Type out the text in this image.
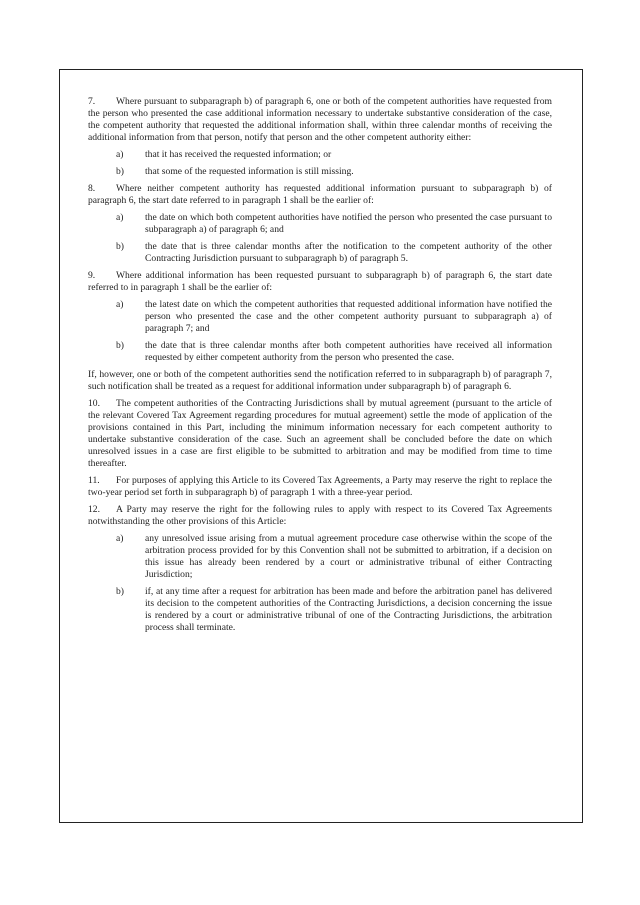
7. Where pursuant to subparagraph b) of paragraph 6, one or both of the competent authorities have requested from the person who presented the case additional information necessary to undertake substantive consideration of the case, the competent authority that requested the additional information shall, within three calendar months of receiving the additional information from that person, notify that person and the other competent authority either:

a)	that it has received the requested information; or
b)	that some of the requested information is still missing.

8. Where neither competent authority has requested additional information pursuant to subparagraph b) of paragraph 6, the start date referred to in paragraph 1 shall be the earlier of:

a)	the date on which both competent authorities have notified the person who presented the case pursuant to subparagraph a) of paragraph 6; and
b)	the date that is three calendar months after the notification to the competent authority of the other Contracting Jurisdiction pursuant to subparagraph b) of paragraph 5.

9. Where additional information has been requested pursuant to subparagraph b) of paragraph 6, the start date referred to in paragraph 1 shall be the earlier of:

a)	the latest date on which the competent authorities that requested additional information have notified the person who presented the case and the other competent authority pursuant to subparagraph a) of paragraph 7; and
b)	the date that is three calendar months after both competent authorities have received all information requested by either competent authority from the person who presented the case.

If, however, one or both of the competent authorities send the notification referred to in subparagraph b) of paragraph 7, such notification shall be treated as a request for additional information under subparagraph b) of paragraph 6.

10. The competent authorities of the Contracting Jurisdictions shall by mutual agreement (pursuant to the article of the relevant Covered Tax Agreement regarding procedures for mutual agreement) settle the mode of application of the provisions contained in this Part, including the minimum information necessary for each competent authority to undertake substantive consideration of the case. Such an agreement shall be concluded before the date on which unresolved issues in a case are first eligible to be submitted to arbitration and may be modified from time to time thereafter.

11. For purposes of applying this Article to its Covered Tax Agreements, a Party may reserve the right to replace the two-year period set forth in subparagraph b) of paragraph 1 with a three-year period.

12. A Party may reserve the right for the following rules to apply with respect to its Covered Tax Agreements notwithstanding the other provisions of this Article:

a)	any unresolved issue arising from a mutual agreement procedure case otherwise within the scope of the arbitration process provided for by this Convention shall not be submitted to arbitration, if a decision on this issue has already been rendered by a court or administrative tribunal of either Contracting Jurisdiction;
b)	if, at any time after a request for arbitration has been made and before the arbitration panel has delivered its decision to the competent authorities of the Contracting Jurisdictions, a decision concerning the issue is rendered by a court or administrative tribunal of one of the Contracting Jurisdictions, the arbitration process shall terminate.
